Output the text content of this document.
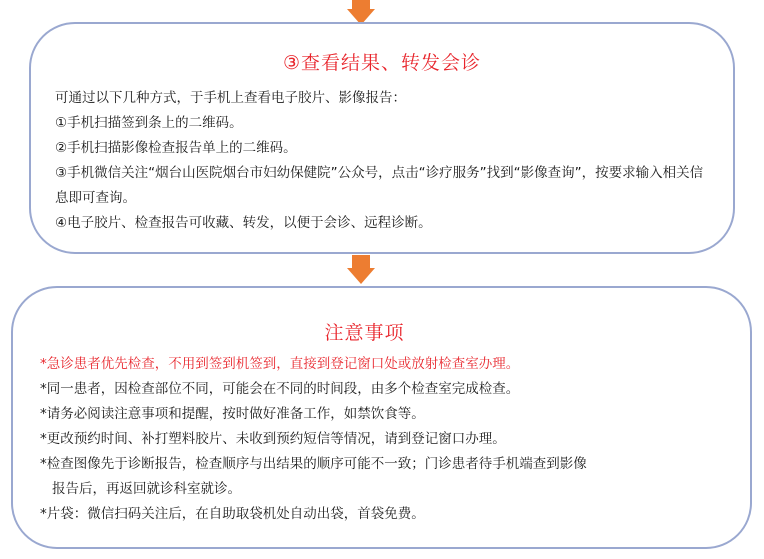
③查看结果、转发会诊
可通过以下几种方式，于手机上查看电子胶片、影像报告：
①手机扫描签到条上的二维码。
②手机扫描影像检查报告单上的二维码。
③手机微信关注“烟台山医院烟台市妇幼保健院”公众号，点击“诊疗服务”找到“影像查询”，按要求输入相关信息即可查询。
④电子胶片、检查报告可收藏、转发，以便于会诊、远程诊断。
注意事项
*急诊患者优先检查，不用到签到机签到，直接到登记窗口处或放射检查室办理。
*同一患者，因检查部位不同，可能会在不同的时间段，由多个检查室完成检查。
*请务必阅读注意事项和提醒，按时做好准备工作，如禁饮食等。
*更改预约时间、补打塑料胶片、未收到预约短信等情况，请到登记窗口办理。
*检查图像先于诊断报告，检查顺序与出结果的顺序可能不一致；门诊患者待手机端查到影像
报告后，再返回就诊科室就诊。
*片袋：微信扫码关注后，在自助取袋机处自动出袋，首袋免费。
